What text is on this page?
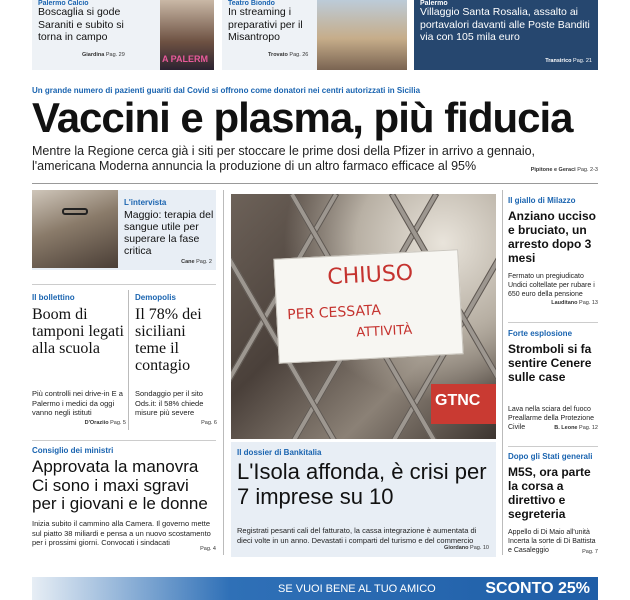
Palermo Calcio
Boscaglia si gode Saraniti e subito si torna in campo
A PALERM
Giardina Pag. 29
Teatro Biondo
In streaming i preparativi per il Misantropo
Trovato Pag. 26
Palermo
Villaggio Santa Rosalia, assalto ai portavalori davanti alle Poste Banditi via con 105 mila euro
Transirico Pag. 21
Un grande numero di pazienti guariti dal Covid si offrono come donatori nei centri autorizzati in Sicilia
Vaccini e plasma, più fiducia
Mentre la Regione cerca già i siti per stoccare le prime dosi della Pfizer in arrivo a gennaio, l'americana Moderna annuncia la produzione di un altro farmaco efficace al 95%	Pipitone e Geraci Pag. 2-3
L'intervista
Maggio: terapia del sangue utile per superare la fase critica
Cane Pag. 2
Il bollettino
Boom di tamponi legati alla scuola
Più controlli nei drive-in E a Palermo i medici da oggi vanno negli istituti
D'Oraziio Pag. 5
Demopolis
Il 78% dei siciliani teme il contagio
Sondaggio per il sito Ods.it: il 58% chiede misure più severe
Pag. 6
Consiglio dei ministri
Approvata la manovra Ci sono i maxi sgravi per i giovani e le donne
Inizia subito il cammino alla Camera. Il governo mette sul piatto 38 miliardi e pensa a un nuovo scostamento per i prossimi giorni. Convocati i sindacati
Pag. 4
CHIUSO
PER CESSATA
ATTIVITÀ
GTNC
Il dossier di Bankitalia
L'Isola affonda, è crisi per 7 imprese su 10
Registrati pesanti cali del fatturato, la cassa integrazione è aumentata di dieci volte in un anno. Devastati i comparti del turismo e del commercio
Giordano Pag. 10
Il giallo di Milazzo
Anziano ucciso e bruciato, un arresto dopo 3 mesi
Fermato un pregiudicato Undici coltellate per rubare i 650 euro della pensione
Lauditano Pag. 13
Forte esplosione
Stromboli si fa sentire Cenere sulle case
Lava nella sciara del fuoco Preallarme della Protezione Civile	B. Leone Pag. 12
Dopo gli Stati generali
M5S, ora parte la corsa a direttivo e segreteria
Appello di Di Maio all'unità Incerta la sorte di Di Battista e Casaleggio	Pag. 7
SE VUOI BENE AL TUO AMICO	SCONTO 25%
